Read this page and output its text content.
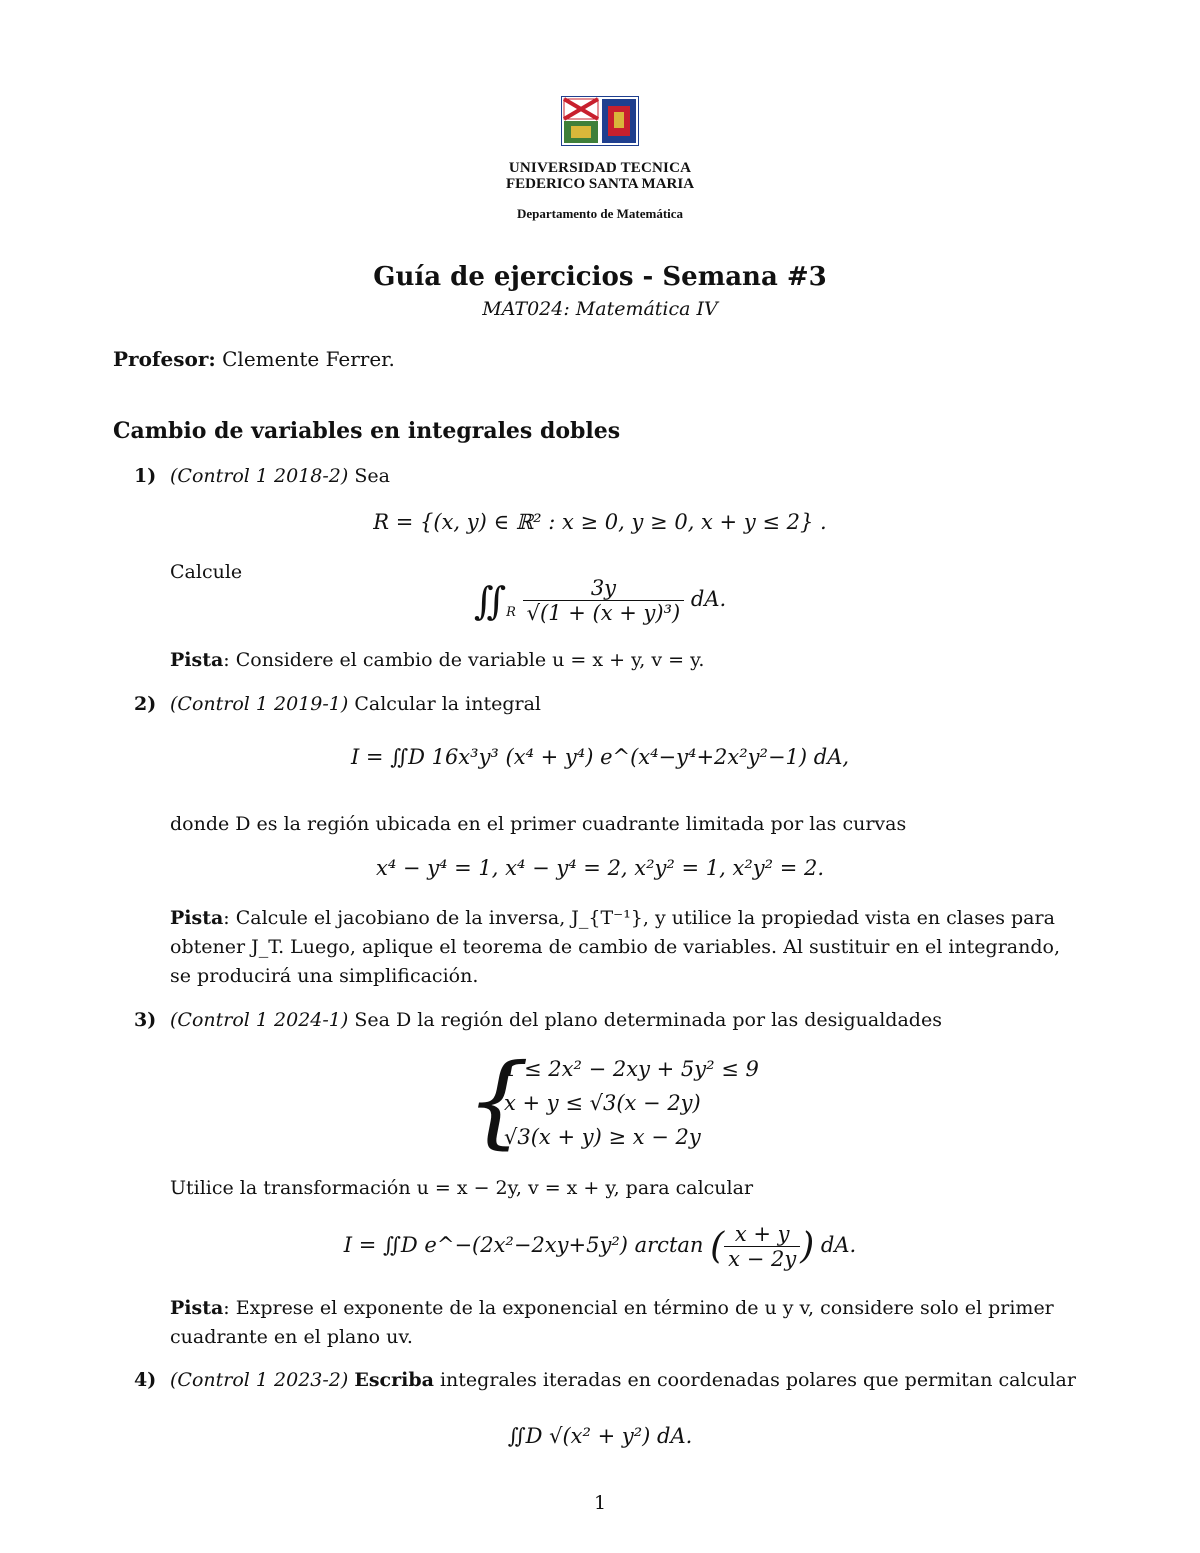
UNIVERSIDAD TECNICA
FEDERICO SANTA MARIA
Departamento de Matemática
Guía de ejercicios - Semana #3
MAT024: Matemática IV
Profesor: Clemente Ferrer.
Cambio de variables en integrales dobles
1) (Control 1 2018-2) Sea
R = {(x, y) ∈ ℝ² : x ≥ 0, y ≥ 0, x + y ≤ 2} .
Calcule
$∬_R \frac{3y}{\text{√(1 + (x + y)³)}}$ dA.
Pista: Considere el cambio de variable u = x + y, v = y.
2) (Control 1 2019-1) Calcular la integral
I = ∬D 16x³y³ (x⁴ + y⁴) e^(x⁴−y⁴+2x²y²−1) dA,
donde D es la región ubicada en el primer cuadrante limitada por las curvas
x⁴ − y⁴ = 1, x⁴ − y⁴ = 2, x²y² = 1, x²y² = 2.
Pista: Calcule el jacobiano de la inversa, J_{T⁻¹}, y utilice la propiedad vista en clases para
obtener J_T. Luego, aplique el teorema de cambio de variables. Al sustituir en el integrando,
se producirá una simplificación.
3) (Control 1 2024-1) Sea D la región del plano determinada por las desigualdades
{
1 ≤ 2x² − 2xy + 5y² ≤ 9
x + y ≤ √3(x − 2y)
√3(x + y) ≥ x − 2y
Utilice la transformación u = x − 2y, v = x + y, para calcular
I = ∬D e^−(2x²−2xy+5y²) arctan ( $\frac{x + y}{x - 2y}$ ) dA.
Pista: Exprese el exponente de la exponencial en término de u y v, considere solo el primer
cuadrante en el plano uv.
4) (Control 1 2023-2) Escriba integrales iteradas en coordenadas polares que permitan calcular
∬D √(x² + y²) dA.
1
